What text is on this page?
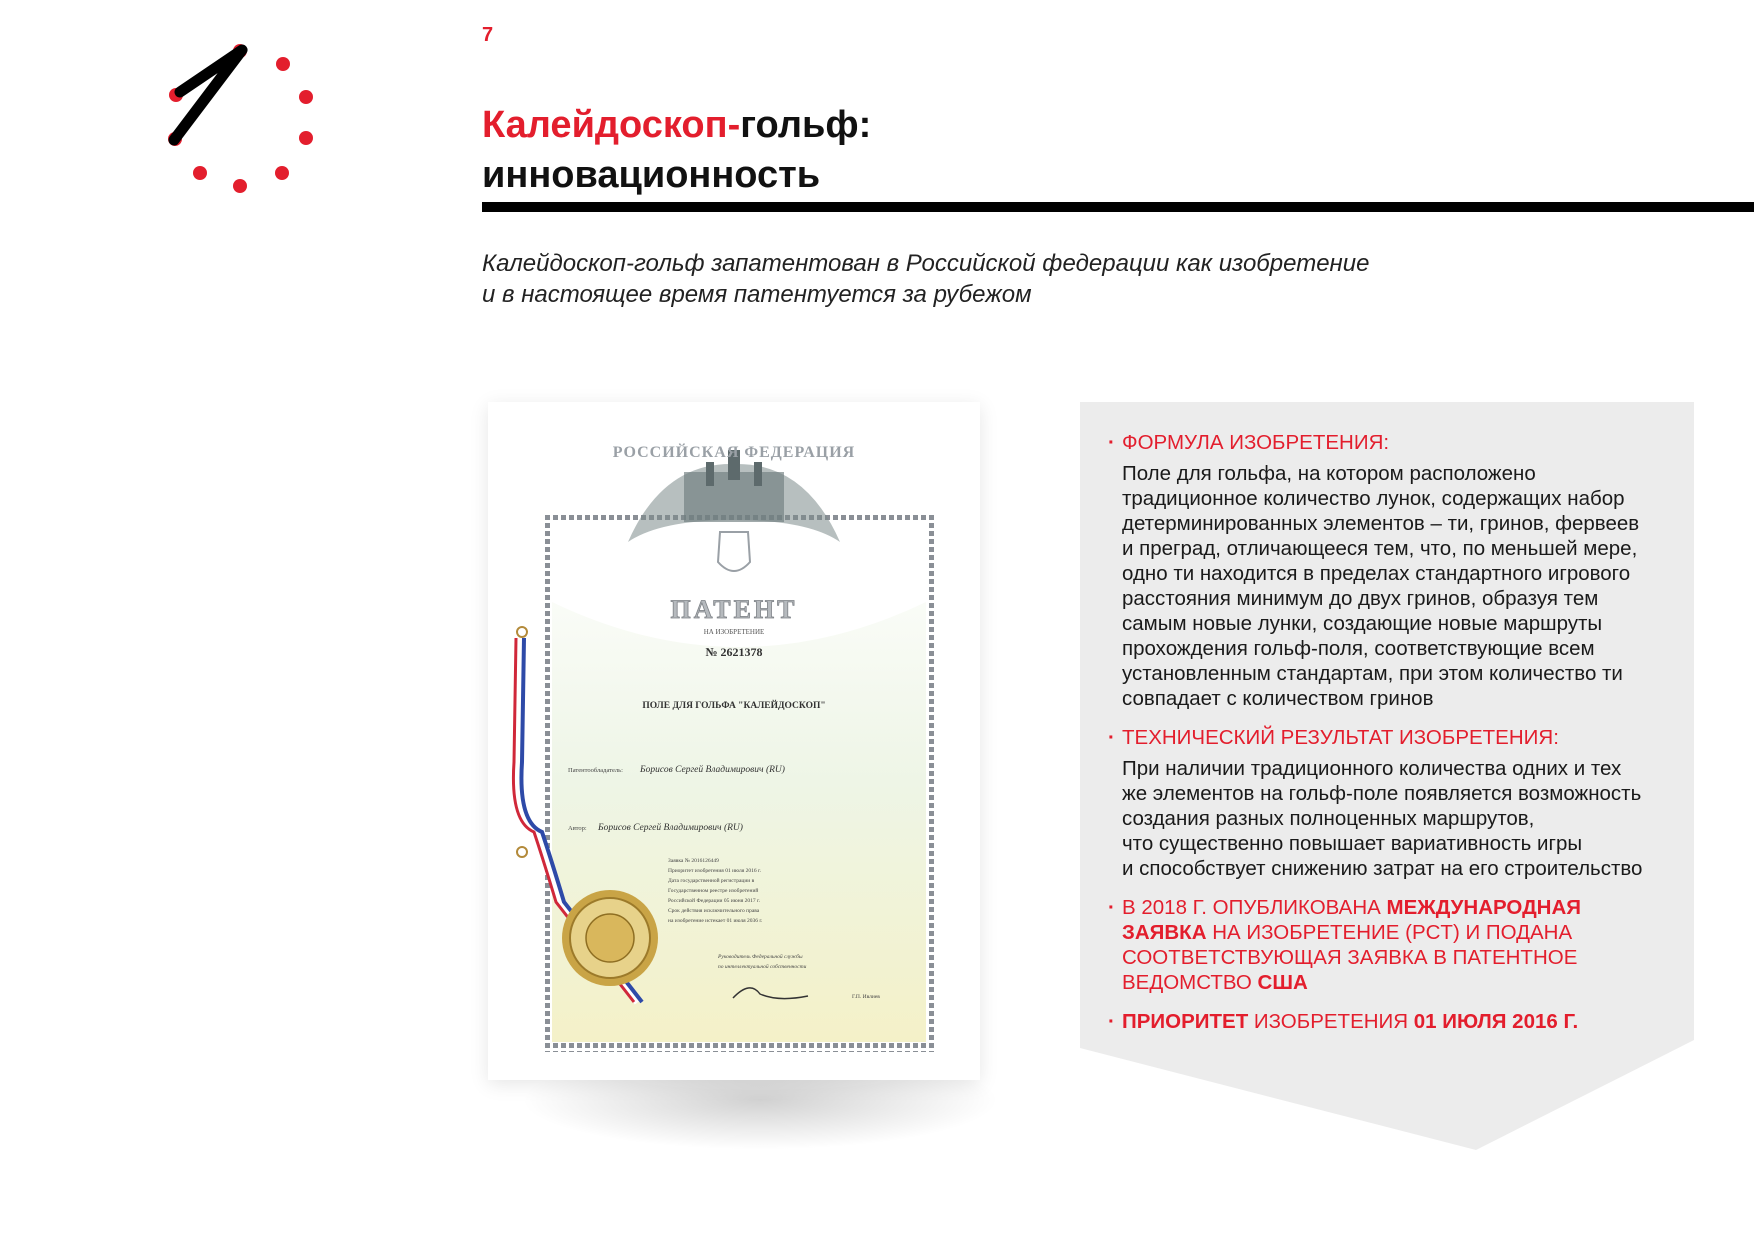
7
Калейдоскоп-гольф:
инновационность
Калейдоскоп-гольф запатентован в Российской федерации как изобретение
и в настоящее время патентуется за рубежом
РОССИЙСКАЯ ФЕДЕРАЦИЯ
ПАТЕНТ
НА ИЗОБРЕТЕНИЕ
№ 2621378
ПОЛЕ ДЛЯ ГОЛЬФА "КАЛЕЙДОСКОП"
Патентообладатель: Борисов Сергей Владимирович (RU)
Автор: Борисов Сергей Владимирович (RU)
Заявка № 2016126449
Приоритет изобретения 01 июля 2016 г.
Дата государственной регистрации в
Государственном реестре изобретений
Российской Федерации 05 июня 2017 г.
Срок действия исключительного права
на изобретение истекает 01 июля 2036 г.
Руководитель Федеральной службы
по интеллектуальной собственности
Г.П. Ивлиев
· ФОРМУЛА ИЗОБРЕТЕНИЯ:
Поле для гольфа, на котором расположено
традиционное количество лунок, содержащих набор
детерминированных элементов – ти, гринов, фервеев
и преград, отличающееся тем, что, по меньшей мере,
одно ти находится в пределах стандартного игрового
расстояния минимум до двух гринов, образуя тем
самым новые лунки, создающие новые маршруты
прохождения гольф-поля, соответствующие всем
установленным стандартам, при этом количество ти
совпадает с количеством гринов
· ТЕХНИЧЕСКИЙ РЕЗУЛЬТАТ ИЗОБРЕТЕНИЯ:
При наличии традиционного количества одних и тех
же элементов на гольф-поле появляется возможность
создания разных полноценных маршрутов,
что существенно повышает вариативность игры
и способствует снижению затрат на его строительство
· В 2018 Г. ОПУБЛИКОВАНА МЕЖДУНАРОДНАЯ
ЗАЯВКА НА ИЗОБРЕТЕНИЕ (PCT) И ПОДАНА
СООТВЕТСТВУЮЩАЯ ЗАЯВКА В ПАТЕНТНОЕ
ВЕДОМСТВО США
· ПРИОРИТЕТ ИЗОБРЕТЕНИЯ 01 ИЮЛЯ 2016 Г.
